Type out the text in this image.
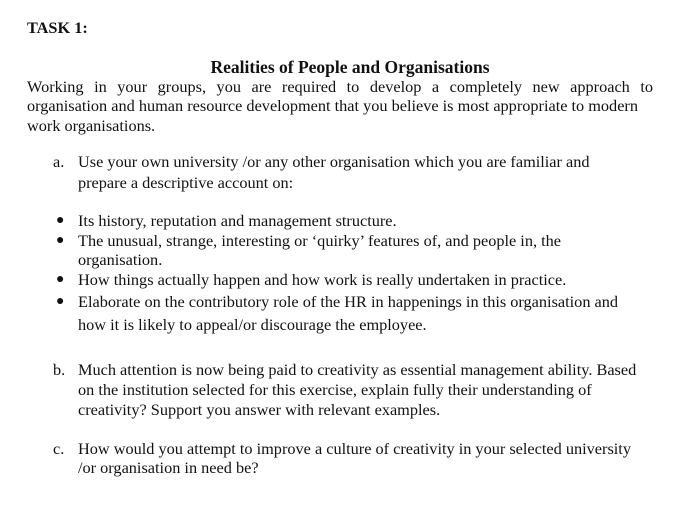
TASK 1:
Realities of People and Organisations
Working in your groups, you are required to develop a completely new approach to
organisation and human resource development that you believe is most appropriate to modern
work organisations.
a. Use your own university /or any other organisation which you are familiar and
prepare a descriptive account on:
● Its history, reputation and management structure.
● The unusual, strange, interesting or ‘quirky’ features of, and people in, the
organisation.
● How things actually happen and how work is really undertaken in practice.
● Elaborate on the contributory role of the HR in happenings in this organisation and
how it is likely to appeal/or discourage the employee.
b. Much attention is now being paid to creativity as essential management ability. Based
on the institution selected for this exercise, explain fully their understanding of
creativity? Support you answer with relevant examples.
c. How would you attempt to improve a culture of creativity in your selected university
/or organisation in need be?
